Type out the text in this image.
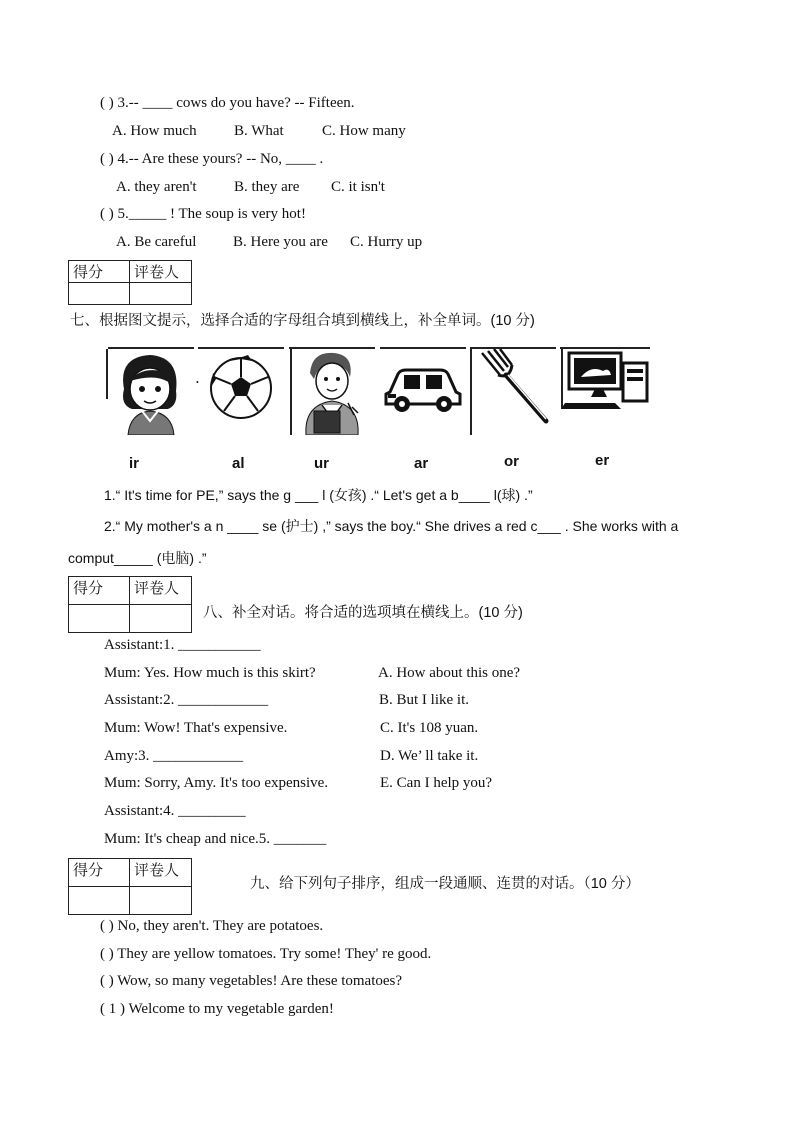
( ) 3.-- ____ cows do you have? -- Fifteen.
A. How much B. What	C. How many
( ) 4.-- Are these yours? -- No, ____ .
A. they aren't B. they are C. it isn't
( ) 5._____ ! The soup is very hot!
A. Be careful B. Here you are C. Hurry up
得分	评卷人

七、根据图文提示，选择合适的字母组合填到横线上，补全单词。(10 分)
•
ir	al	ur	ar	or	er
1.“ It's time for PE,” says the g ___ l (女孩) .“ Let's get a b____ l(球) .”
2.“ My mother's a n ____ se (护士) ,” says the boy.“ She drives a red c___ . She works with a
comput_____ (电脑) .”
得分	评卷人

八、补全对话。将合适的选项填在横线上。(10 分)
Assistant:1. ___________
Mum: Yes. How much is this skirt?
Assistant:2. ____________
Mum: Wow! That's expensive.
Amy:3. ____________
Mum: Sorry, Amy. It's too expensive.
Assistant:4. _________
Mum: It's cheap and nice.5. _______
A. How about this one?
B. But I like it.
C. It's 108 yuan.
D. We’ ll take it.
E. Can I help you?
得分	评卷人

九、给下列句子排序，组成一段通顺、连贯的对话。（10 分）
( ) No, they aren't. They are potatoes.
( ) They are yellow tomatoes. Try some! They' re good.
( ) Wow, so many vegetables! Are these tomatoes?
( 1 ) Welcome to my vegetable garden!
